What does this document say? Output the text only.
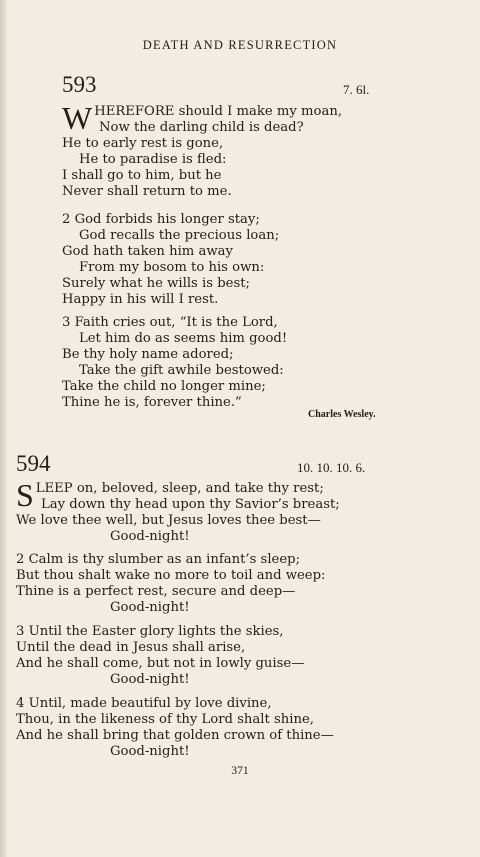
DEATH AND RESURRECTION
593	7. 6l.
WHEREFORE should I make my moan,
Now the darling child is dead?
He to early rest is gone,
He to paradise is fled:
I shall go to him, but he
Never shall return to me.
2 God forbids his longer stay;
God recalls the precious loan;
God hath taken him away
From my bosom to his own:
Surely what he wills is best;
Happy in his will I rest.
3 Faith cries out, “It is the Lord,
Let him do as seems him good!
Be thy holy name adored;
Take the gift awhile bestowed:
Take the child no longer mine;
Thine he is, forever thine.”
Charles Wesley.
594	10. 10. 10. 6.
SLEEP on, beloved, sleep, and take thy rest;
Lay down thy head upon thy Savior’s breast;
We love thee well, but Jesus loves thee best—
Good-night!
2 Calm is thy slumber as an infant’s sleep;
But thou shalt wake no more to toil and weep:
Thine is a perfect rest, secure and deep—
Good-night!
3 Until the Easter glory lights the skies,
Until the dead in Jesus shall arise,
And he shall come, but not in lowly guise—
Good-night!
4 Until, made beautiful by love divine,
Thou, in the likeness of thy Lord shalt shine,
And he shall bring that golden crown of thine—
Good-night!
371
